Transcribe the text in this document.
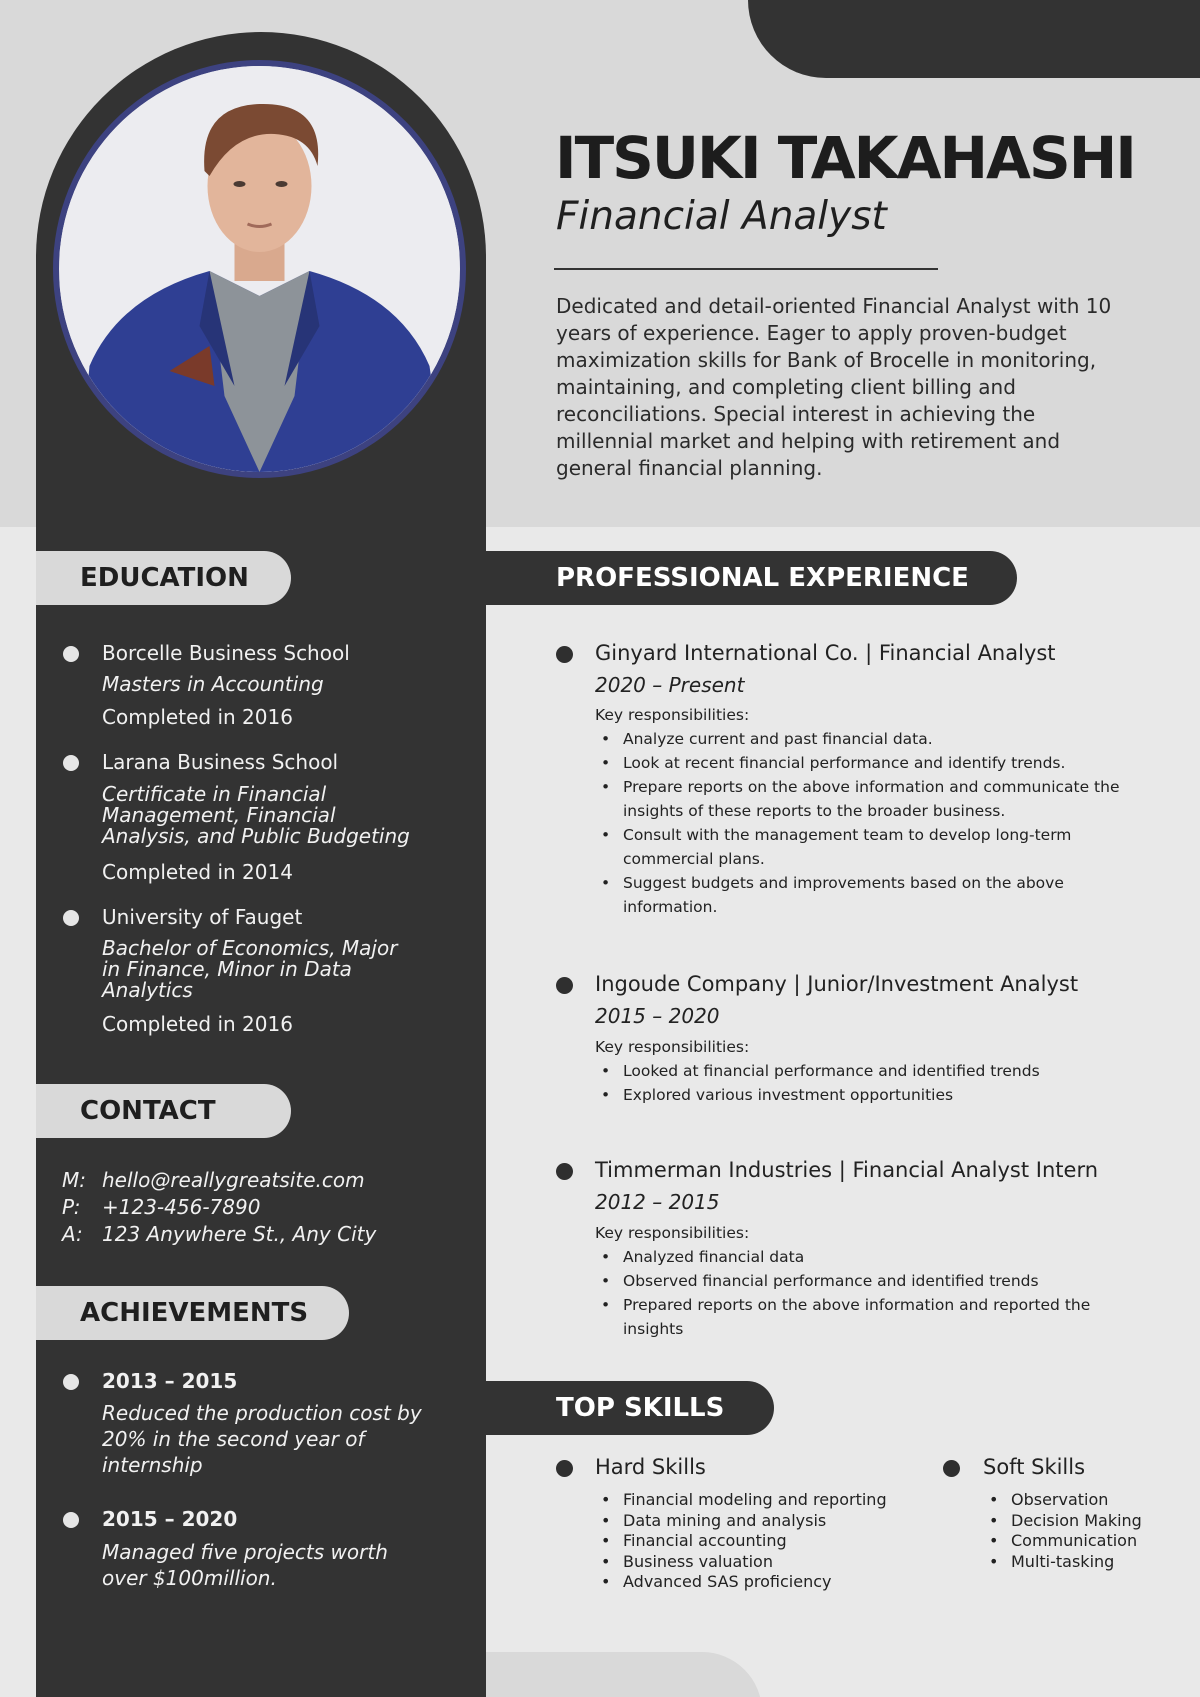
ITSUKI TAKAHASHI
Financial Analyst
Dedicated and detail-oriented Financial Analyst with 10 years of experience. Eager to apply proven-budget maximization skills for Bank of Brocelle in monitoring, maintaining, and completing client billing and reconciliations. Special interest in achieving the millennial market and helping with retirement and general financial planning.
EDUCATION
Borcelle Business School
Masters in Accounting
Completed in 2016
Larana Business School
Certificate in Financial Management, Financial Analysis, and Public Budgeting
Completed in 2014
University of Fauget
Bachelor of Economics, Major in Finance, Minor in Data Analytics
Completed in 2016
CONTACT
M: hello@reallygreatsite.com
P: +123-456-7890
A: 123 Anywhere St., Any City
ACHIEVEMENTS
2013 – 2015
Reduced the production cost by 20% in the second year of internship
2015 – 2020
Managed five projects worth over $100million.
PROFESSIONAL EXPERIENCE
Ginyard International Co. | Financial Analyst
2020 – Present
Key responsibilities:
• Analyze current and past financial data.
• Look at recent financial performance and identify trends.
• Prepare reports on the above information and communicate the insights of these reports to the broader business.
• Consult with the management team to develop long-term commercial plans.
• Suggest budgets and improvements based on the above information.
Ingoude Company | Junior/Investment Analyst
2015 – 2020
Key responsibilities:
• Looked at financial performance and identified trends
• Explored various investment opportunities
Timmerman Industries | Financial Analyst Intern
2012 – 2015
Key responsibilities:
• Analyzed financial data
• Observed financial performance and identified trends
• Prepared reports on the above information and reported the insights
TOP SKILLS
Hard Skills
• Financial modeling and reporting
• Data mining and analysis
• Financial accounting
• Business valuation
• Advanced SAS proficiency
Soft Skills
• Observation
• Decision Making
• Communication
• Multi-tasking
